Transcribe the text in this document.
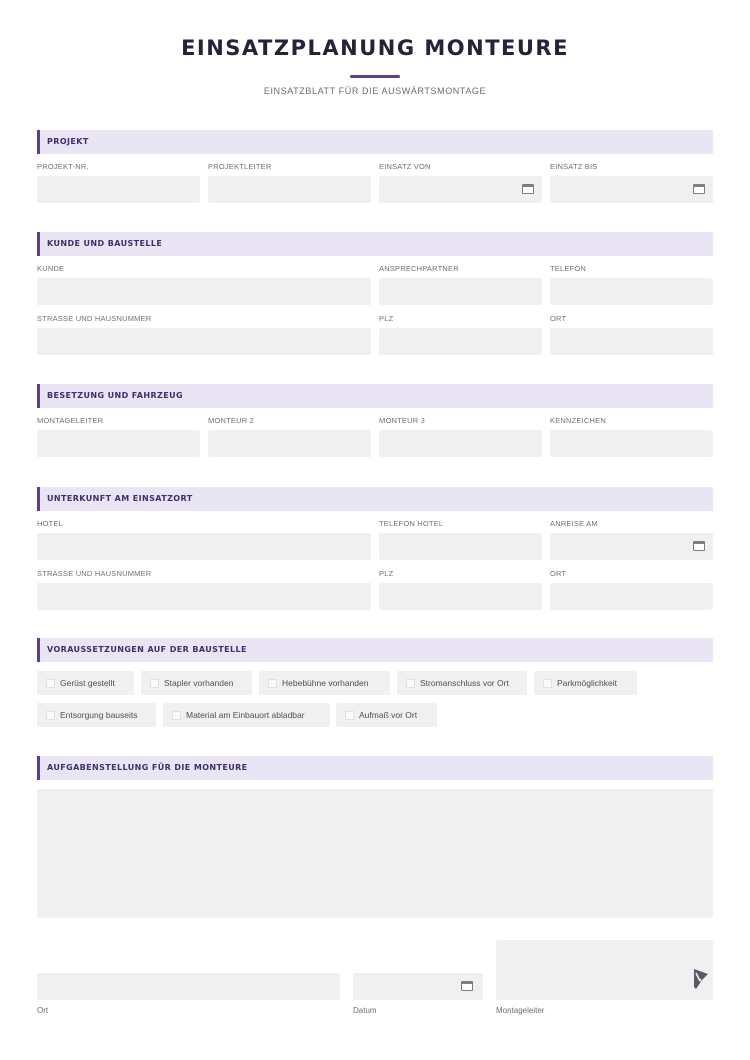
EINSATZPLANUNG MONTEURE
EINSATZBLATT FÜR DIE AUSWÄRTSMONTAGE
PROJEKT
PROJEKT-NR.	PROJEKTLEITER	EINSATZ VON	EINSATZ BIS
KUNDE UND BAUSTELLE
KUNDE	ANSPRECHPARTNER	TELEFON
STRASSE UND HAUSNUMMER	PLZ	ORT
BESETZUNG UND FAHRZEUG
MONTAGELEITER	MONTEUR 2	MONTEUR 3	KENNZEICHEN
UNTERKUNFT AM EINSATZORT
HOTEL	TELEFON HOTEL	ANREISE AM
STRASSE UND HAUSNUMMER	PLZ	ORT
VORAUSSETZUNGEN AUF DER BAUSTELLE
Gerüst gestellt	Stapler vorhanden	Hebebühne vorhanden	Stromanschluss vor Ort	Parkmöglichkeit
Entsorgung bauseits	Material am Einbauort abladbar	Aufmaß vor Ort
AUFGABENSTELLUNG FÜR DIE MONTEURE
Ort	Datum	Montageleiter
